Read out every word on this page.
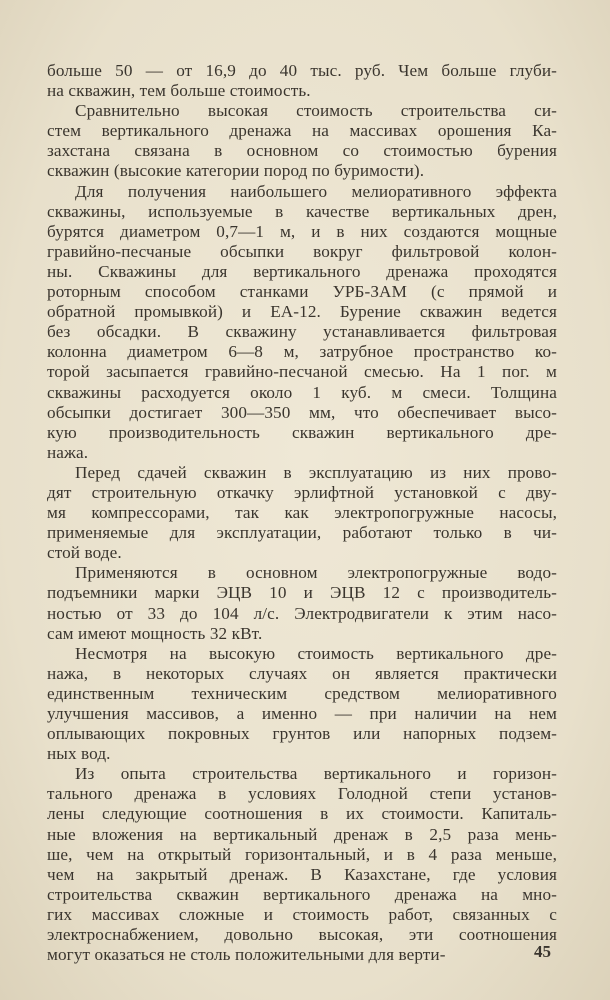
больше 50 — от 16,9 до 40 тыс. руб. Чем больше глуби-
на скважин, тем больше стоимость.
Сравнительно высокая стоимость строительства си-
стем вертикального дренажа на массивах орошения Ка-
захстана связана в основном со стоимостью бурения
скважин (высокие категории пород по буримости).
Для получения наибольшего мелиоративного эффекта
скважины, используемые в качестве вертикальных дрен,
бурятся диаметром 0,7—1 м, и в них создаются мощные
гравийно-песчаные обсыпки вокруг фильтровой колон-
ны. Скважины для вертикального дренажа проходятся
роторным способом станками УРБ-ЗАМ (с прямой и
обратной промывкой) и ЕА-12. Бурение скважин ведется
без обсадки. В скважину устанавливается фильтровая
колонна диаметром 6—8 м, затрубное пространство ко-
торой засыпается гравийно-песчаной смесью. На 1 пог. м
скважины расходуется около 1 куб. м смеси. Толщина
обсыпки достигает 300—350 мм, что обеспечивает высо-
кую производительность скважин вертикального дре-
нажа.
Перед сдачей скважин в эксплуатацию из них прово-
дят строительную откачку эрлифтной установкой с дву-
мя компрессорами, так как электропогружные насосы,
применяемые для эксплуатации, работают только в чи-
стой воде.
Применяются в основном электропогружные водо-
подъемники марки ЭЦВ 10 и ЭЦВ 12 с производитель-
ностью от 33 до 104 л/с. Электродвигатели к этим насо-
сам имеют мощность 32 кВт.
Несмотря на высокую стоимость вертикального дре-
нажа, в некоторых случаях он является практически
единственным техническим средством мелиоративного
улучшения массивов, а именно — при наличии на нем
оплывающих покровных грунтов или напорных подзем-
ных вод.
Из опыта строительства вертикального и горизон-
тального дренажа в условиях Голодной степи установ-
лены следующие соотношения в их стоимости. Капиталь-
ные вложения на вертикальный дренаж в 2,5 раза мень-
ше, чем на открытый горизонтальный, и в 4 раза меньше,
чем на закрытый дренаж. В Казахстане, где условия
строительства скважин вертикального дренажа на мно-
гих массивах сложные и стоимость работ, связанных с
электроснабжением, довольно высокая, эти соотношения
могут оказаться не столь положительными для верти-	45
